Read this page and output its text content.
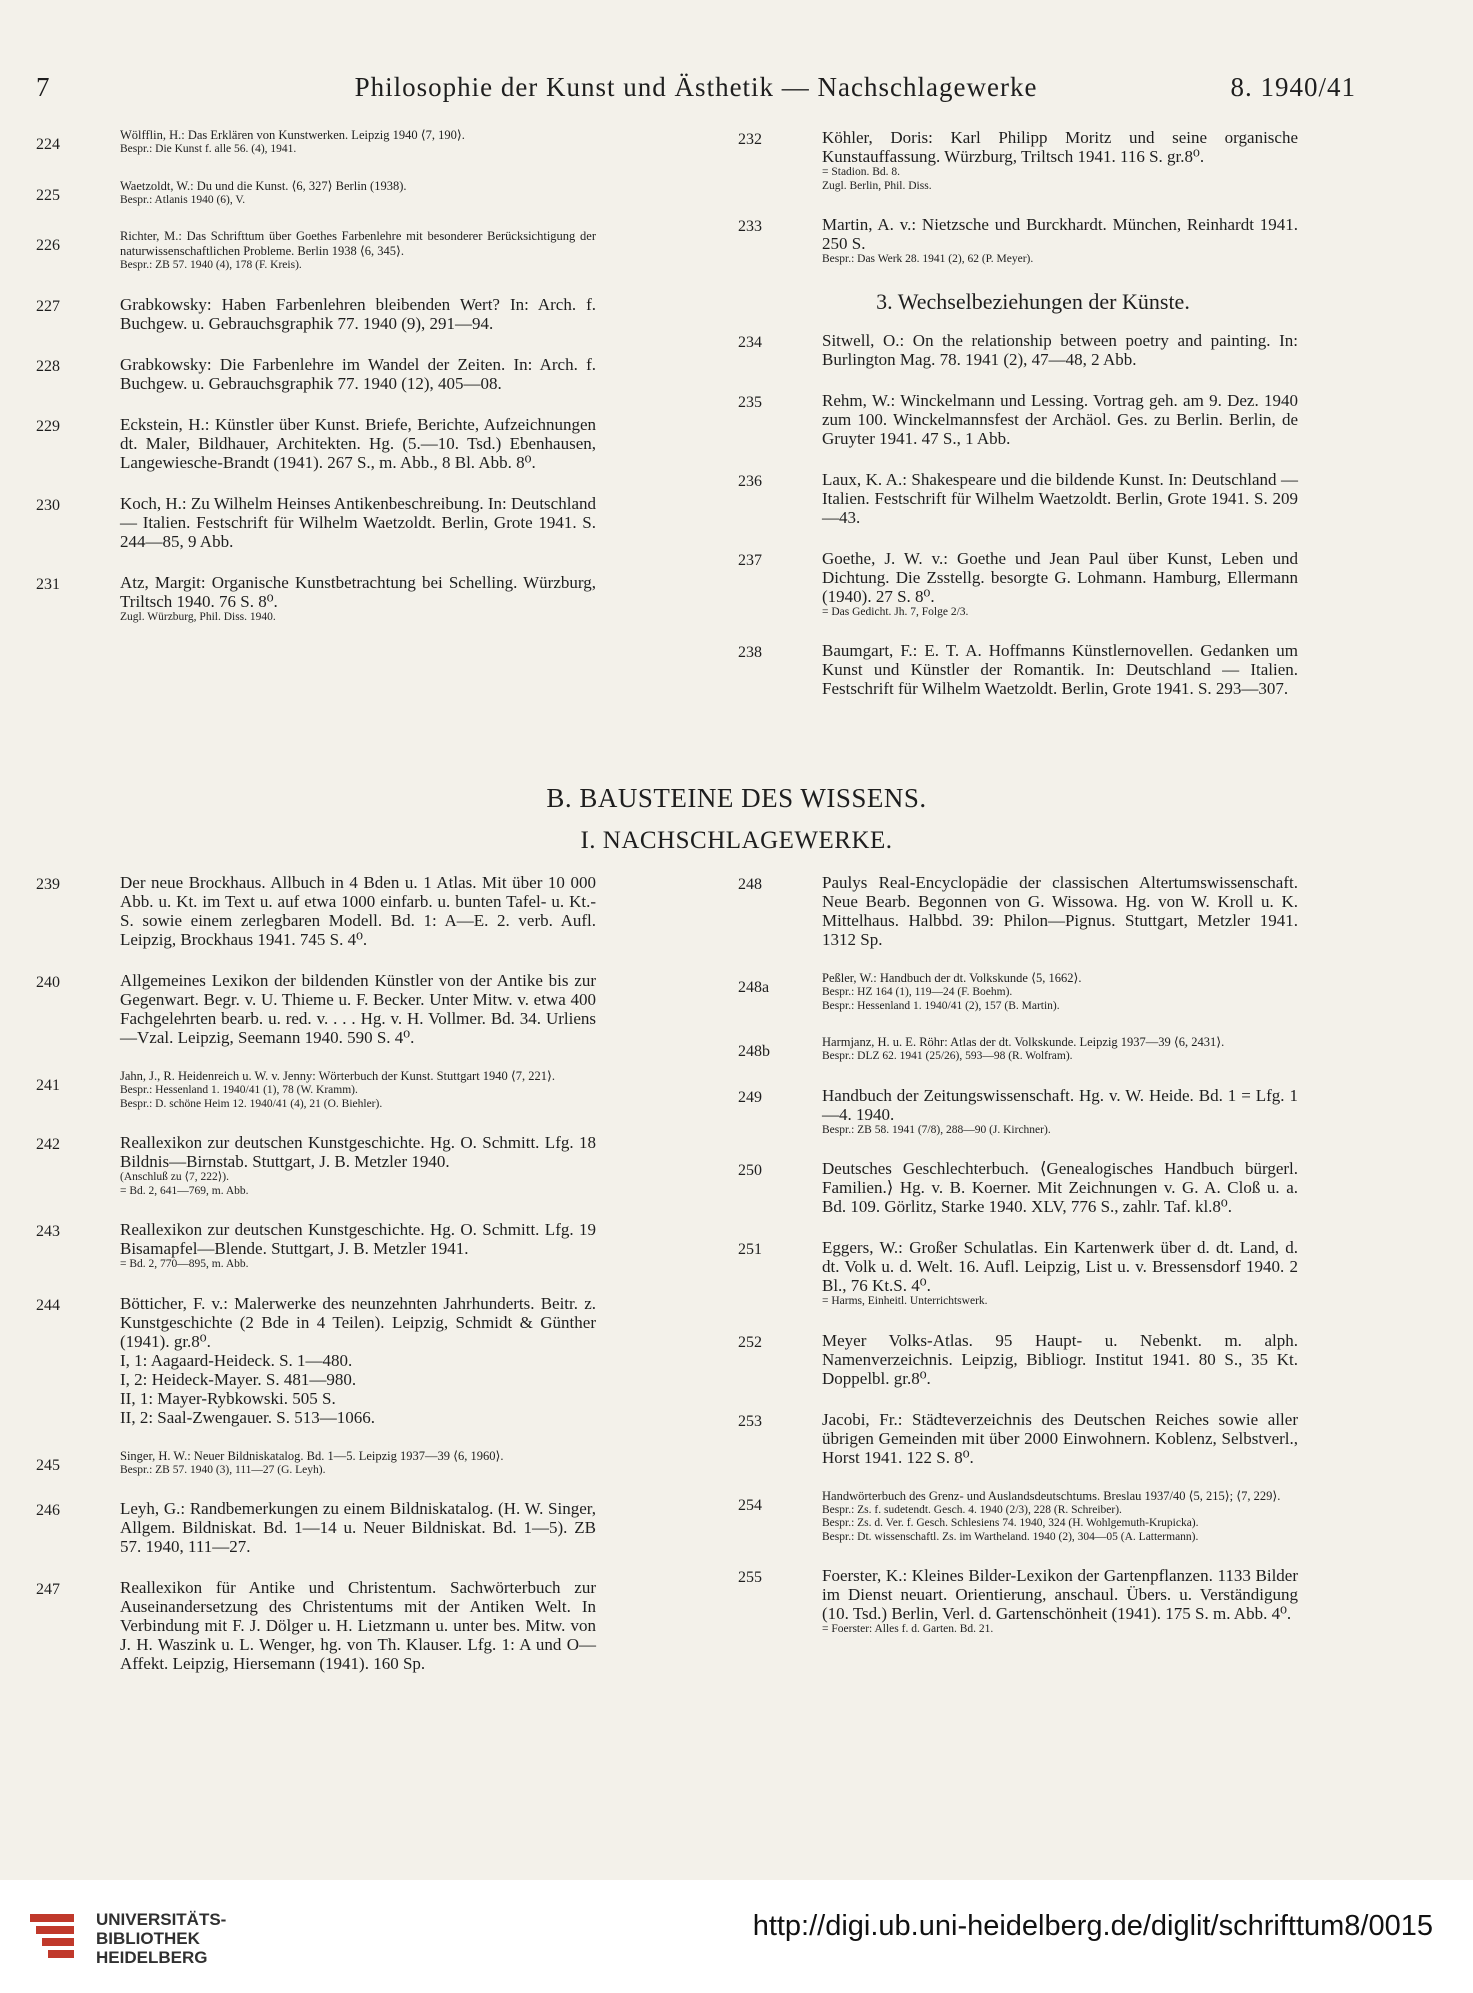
7	Philosophie der Kunst und Ästhetik — Nachschlagewerke	8. 1940/41
224
Wölfflin, H.: Das Erklären von Kunstwerken. Leipzig 1940 ⟨7, 190⟩.
Bespr.: Die Kunst f. alle 56. (4), 1941.
225
Waetzoldt, W.: Du und die Kunst. ⟨6, 327⟩ Berlin (1938).
Bespr.: Atlanis 1940 (6), V.
226
Richter, M.: Das Schrifttum über Goethes Farbenlehre mit besonderer Berücksichtigung der naturwissenschaftlichen Probleme. Berlin 1938 ⟨6, 345⟩.
Bespr.: ZB 57. 1940 (4), 178 (F. Kreis).
227	Grabkowsky: Haben Farbenlehren bleibenden Wert? In: Arch. f. Buchgew. u. Gebrauchsgraphik 77. 1940 (9), 291—94.
228	Grabkowsky: Die Farbenlehre im Wandel der Zeiten. In: Arch. f. Buchgew. u. Gebrauchsgraphik 77. 1940 (12), 405—08.
229	Eckstein, H.: Künstler über Kunst. Briefe, Berichte, Aufzeichnungen dt. Maler, Bildhauer, Architekten. Hg. (5.—10. Tsd.) Ebenhausen, Langewiesche-Brandt (1941). 267 S., m. Abb., 8 Bl. Abb. 8⁰.
230	Koch, H.: Zu Wilhelm Heinses Antikenbeschreibung. In: Deutschland — Italien. Festschrift für Wilhelm Waetzoldt. Berlin, Grote 1941. S. 244—85, 9 Abb.
231	Atz, Margit: Organische Kunstbetrachtung bei Schelling. Würzburg, Triltsch 1940. 76 S. 8⁰.
Zugl. Würzburg, Phil. Diss. 1940.
232	Köhler, Doris: Karl Philipp Moritz und seine organische Kunstauffassung. Würzburg, Triltsch 1941. 116 S. gr.8⁰.
= Stadion. Bd. 8.
Zugl. Berlin, Phil. Diss.
233	Martin, A. v.: Nietzsche und Burckhardt. München, Reinhardt 1941. 250 S.
Bespr.: Das Werk 28. 1941 (2), 62 (P. Meyer).
3. Wechselbeziehungen der Künste.
234	Sitwell, O.: On the relationship between poetry and painting. In: Burlington Mag. 78. 1941 (2), 47—48, 2 Abb.
235	Rehm, W.: Winckelmann und Lessing. Vortrag geh. am 9. Dez. 1940 zum 100. Winckelmannsfest der Archäol. Ges. zu Berlin. Berlin, de Gruyter 1941. 47 S., 1 Abb.
236	Laux, K. A.: Shakespeare und die bildende Kunst. In: Deutschland — Italien. Festschrift für Wilhelm Waetzoldt. Berlin, Grote 1941. S. 209—43.
237	Goethe, J. W. v.: Goethe und Jean Paul über Kunst, Leben und Dichtung. Die Zsstellg. besorgte G. Lohmann. Hamburg, Ellermann (1940). 27 S. 8⁰.
= Das Gedicht. Jh. 7, Folge 2/3.
238	Baumgart, F.: E. T. A. Hoffmanns Künstlernovellen. Gedanken um Kunst und Künstler der Romantik. In: Deutschland — Italien. Festschrift für Wilhelm Waetzoldt. Berlin, Grote 1941. S. 293—307.
B. BAUSTEINE DES WISSENS.
I. NACHSCHLAGEWERKE.
239	Der neue Brockhaus. Allbuch in 4 Bden u. 1 Atlas. Mit über 10 000 Abb. u. Kt. im Text u. auf etwa 1000 einfarb. u. bunten Tafel- u. Kt.-S. sowie einem zerlegbaren Modell. Bd. 1: A—E. 2. verb. Aufl. Leipzig, Brockhaus 1941. 745 S. 4⁰.
240	Allgemeines Lexikon der bildenden Künstler von der Antike bis zur Gegenwart. Begr. v. U. Thieme u. F. Becker. Unter Mitw. v. etwa 400 Fachgelehrten bearb. u. red. v. . . . Hg. v. H. Vollmer. Bd. 34. Urliens—Vzal. Leipzig, Seemann 1940. 590 S. 4⁰.
241
Jahn, J., R. Heidenreich u. W. v. Jenny: Wörterbuch der Kunst. Stuttgart 1940 ⟨7, 221⟩.
Bespr.: Hessenland 1. 1940/41 (1), 78 (W. Kramm).
Bespr.: D. schöne Heim 12. 1940/41 (4), 21 (O. Biehler).
242	Reallexikon zur deutschen Kunstgeschichte. Hg. O. Schmitt. Lfg. 18 Bildnis—Birnstab. Stuttgart, J. B. Metzler 1940.
(Anschluß zu ⟨7, 222⟩).
= Bd. 2, 641—769, m. Abb.
243	Reallexikon zur deutschen Kunstgeschichte. Hg. O. Schmitt. Lfg. 19 Bisamapfel—Blende. Stuttgart, J. B. Metzler 1941.
= Bd. 2, 770—895, m. Abb.
244	Bötticher, F. v.: Malerwerke des neunzehnten Jahrhunderts. Beitr. z. Kunstgeschichte (2 Bde in 4 Teilen). Leipzig, Schmidt & Günther (1941). gr.8⁰.
I, 1: Aagaard-Heideck. S. 1—480.
I, 2: Heideck-Mayer. S. 481—980.
II, 1: Mayer-Rybkowski. 505 S.
II, 2: Saal-Zwengauer. S. 513—1066.
245
Singer, H. W.: Neuer Bildniskatalog. Bd. 1—5. Leipzig 1937—39 ⟨6, 1960⟩.
Bespr.: ZB 57. 1940 (3), 111—27 (G. Leyh).
246	Leyh, G.: Randbemerkungen zu einem Bildniskatalog. (H. W. Singer, Allgem. Bildniskat. Bd. 1—14 u. Neuer Bildniskat. Bd. 1—5). ZB 57. 1940, 111—27.
247	Reallexikon für Antike und Christentum. Sachwörterbuch zur Auseinandersetzung des Christentums mit der Antiken Welt. In Verbindung mit F. J. Dölger u. H. Lietzmann u. unter bes. Mitw. von J. H. Waszink u. L. Wenger, hg. von Th. Klauser. Lfg. 1: A und O—Affekt. Leipzig, Hiersemann (1941). 160 Sp.
248	Paulys Real-Encyclopädie der classischen Altertumswissenschaft. Neue Bearb. Begonnen von G. Wissowa. Hg. von W. Kroll u. K. Mittelhaus. Halbbd. 39: Philon—Pignus. Stuttgart, Metzler 1941. 1312 Sp.
248a
Peßler, W.: Handbuch der dt. Volkskunde ⟨5, 1662⟩.
Bespr.: HZ 164 (1), 119—24 (F. Boehm).
Bespr.: Hessenland 1. 1940/41 (2), 157 (B. Martin).
248b
Harmjanz, H. u. E. Röhr: Atlas der dt. Volkskunde. Leipzig 1937—39 ⟨6, 2431⟩.
Bespr.: DLZ 62. 1941 (25/26), 593—98 (R. Wolfram).
249	Handbuch der Zeitungswissenschaft. Hg. v. W. Heide. Bd. 1 = Lfg. 1—4. 1940.
Bespr.: ZB 58. 1941 (7/8), 288—90 (J. Kirchner).
250	Deutsches Geschlechterbuch. ⟨Genealogisches Handbuch bürgerl. Familien.⟩ Hg. v. B. Koerner. Mit Zeichnungen v. G. A. Cloß u. a. Bd. 109. Görlitz, Starke 1940. XLV, 776 S., zahlr. Taf. kl.8⁰.
251	Eggers, W.: Großer Schulatlas. Ein Kartenwerk über d. dt. Land, d. dt. Volk u. d. Welt. 16. Aufl. Leipzig, List u. v. Bressensdorf 1940. 2 Bl., 76 Kt.S. 4⁰.
= Harms, Einheitl. Unterrichtswerk.
252	Meyer Volks-Atlas. 95 Haupt- u. Nebenkt. m. alph. Namenverzeichnis. Leipzig, Bibliogr. Institut 1941. 80 S., 35 Kt. Doppelbl. gr.8⁰.
253	Jacobi, Fr.: Städteverzeichnis des Deutschen Reiches sowie aller übrigen Gemeinden mit über 2000 Einwohnern. Koblenz, Selbstverl., Horst 1941. 122 S. 8⁰.
254
Handwörterbuch des Grenz- und Auslandsdeutschtums. Breslau 1937/40 ⟨5, 215⟩; ⟨7, 229⟩.
Bespr.: Zs. f. sudetendt. Gesch. 4. 1940 (2/3), 228 (R. Schreiber).
Bespr.: Zs. d. Ver. f. Gesch. Schlesiens 74. 1940, 324 (H. Wohlgemuth-Krupicka).
Bespr.: Dt. wissenschaftl. Zs. im Wartheland. 1940 (2), 304—05 (A. Lattermann).
255	Foerster, K.: Kleines Bilder-Lexikon der Gartenpflanzen. 1133 Bilder im Dienst neuart. Orientierung, anschaul. Übers. u. Verständigung (10. Tsd.) Berlin, Verl. d. Gartenschönheit (1941). 175 S. m. Abb. 4⁰.
= Foerster: Alles f. d. Garten. Bd. 21.
UNIVERSITÄTS-
BIBLIOTHEK
HEIDELBERG
http://digi.ub.uni-heidelberg.de/diglit/schrifttum8/0015
